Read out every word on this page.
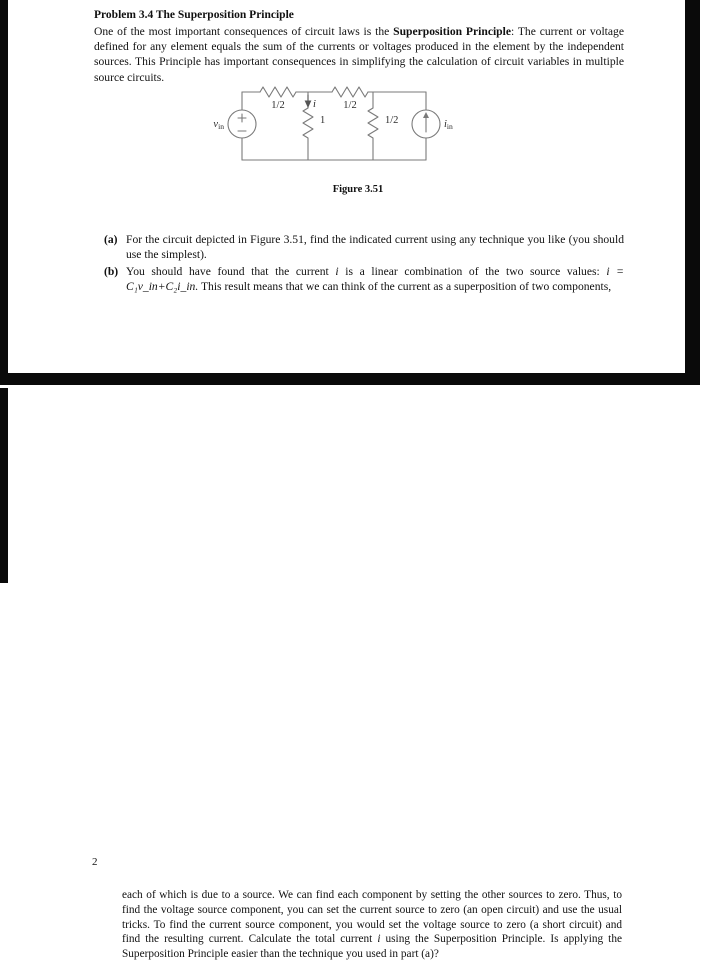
Problem 3.4 The Superposition Principle

One of the most important consequences of circuit laws is the Superposition Principle: The current or voltage defined for any element equals the sum of the currents or voltages produced in the element by the independent sources. This Principle has important consequences in simplifying the calculation of circuit variables in multiple source circuits.

vin	iin
1/2	1/2
1	1/2
i
Figure 3.51
(a) For the circuit depicted in Figure 3.51, find the indicated current using any technique you like (you should use the simplest).
(b) You should have found that the current i is a linear combination of the two source values: i = C₁v_in+C₂i_in. This result means that we can think of the current as a superposition of two components,
2
each of which is due to a source. We can find each component by setting the other sources to zero. Thus, to find the voltage source component, you can set the current source to zero (an open circuit) and use the usual tricks. To find the current source component, you would set the voltage source to zero (a short circuit) and find the resulting current. Calculate the total current i using the Superposition Principle. Is applying the Superposition Principle easier than the technique you used in part (a)?
